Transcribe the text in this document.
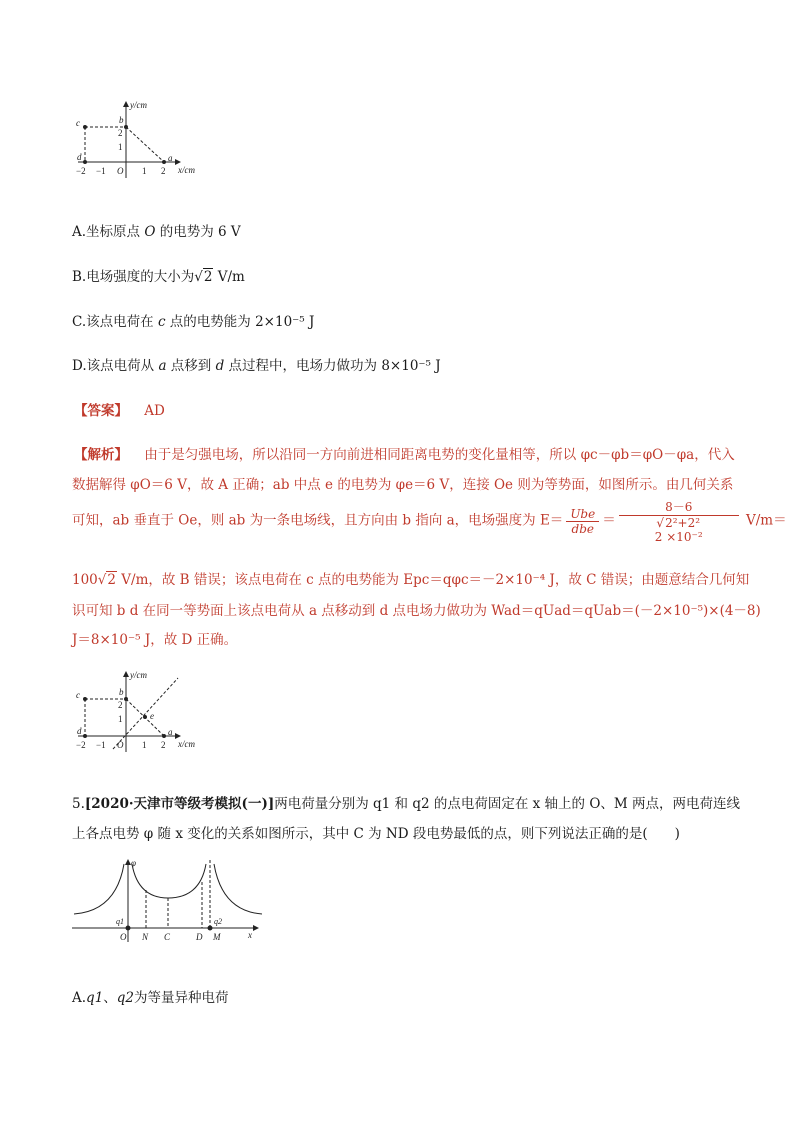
y/cm
x/cm
b
c
d	a
2
1
−2 −1 O 1 2
A.坐标原点 O 的电势为 6 V
B.电场强度的大小为√2 V/m
C.该点电荷在 c 点的电势能为 2×10⁻⁵ J
D.该点电荷从 a 点移到 d 点过程中，电场力做功为 8×10⁻⁵ J
【答案】 AD
【解析】 由于是匀强电场，所以沿同一方向前进相同距离电势的变化量相等，所以 φc－φb＝φO－φa，代入
数据解得 φO＝6 V，故 A 正确；ab 中点 e 的电势为 φe＝6 V，连接 Oe 则为等势面，如图所示。由几何关系
可知，ab 垂直于 Oe，则 ab 为一条电场线，且方向由 b 指向 a，电场强度为 $E= \frac{\text{Ube}}{\text{dbe}}$ ＝
8－6
√2²+2²
2 ×10⁻²
V/m＝
100√2 V/m，故 B 错误；该点电荷在 c 点的电势能为 Epc＝qφc＝－2×10⁻⁴ J，故 C 错误；由题意结合几何知
识可知 b d 在同一等势面上该点电荷从 a 点移动到 d 点电场力做功为 Wad＝qUad＝qUab＝(－2×10⁻⁵)×(4－8)
J＝8×10⁻⁵ J，故 D 正确。
y/cm
x/cm
b
c
d	a
e
2
1
−2 −1 O 1 2
5.[2020·天津市等级考模拟(一)]两电荷量分别为 q1 和 q2 的点电荷固定在 x 轴上的 O、M 两点，两电荷连线
上各点电势 φ 随 x 变化的关系如图所示，其中 C 为 ND 段电势最低的点，则下列说法正确的是(　　)
φ
x
q1	q2
O N C	D M
A.q1、q2为等量异种电荷
